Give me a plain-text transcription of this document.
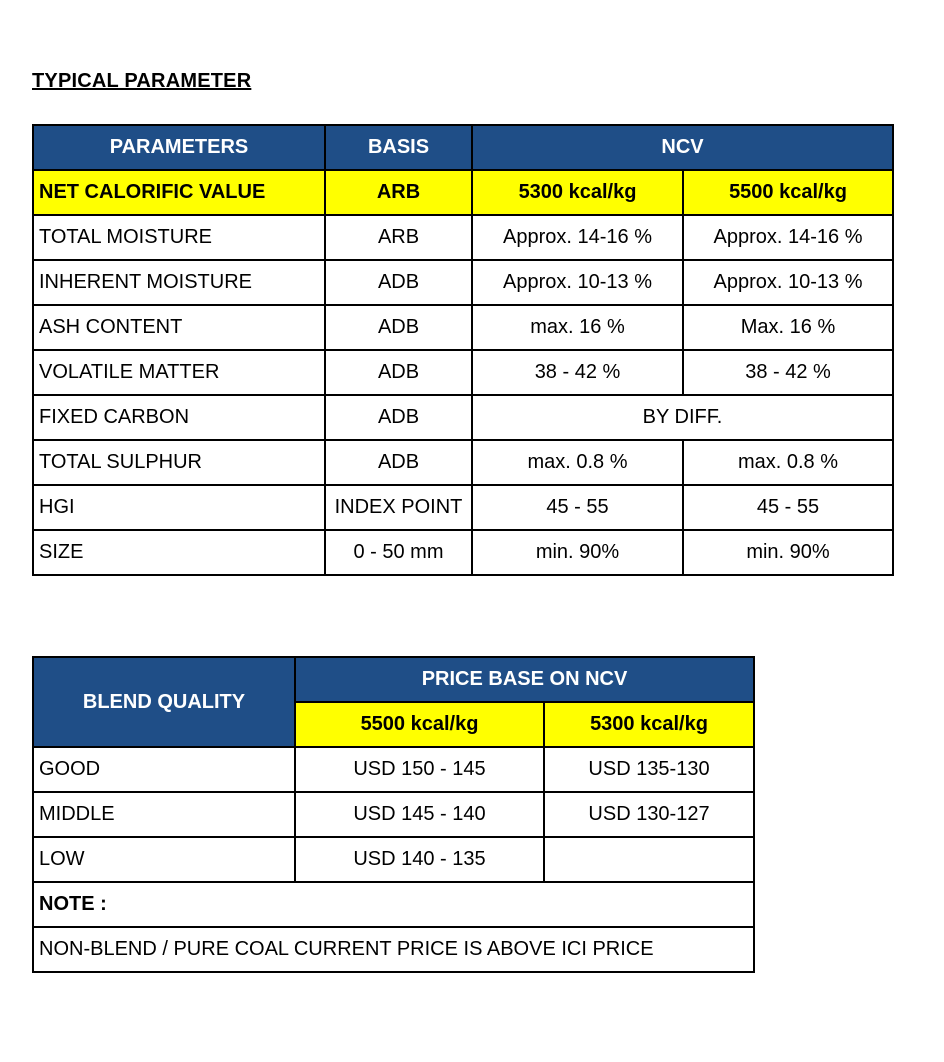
TYPICAL PARAMETER
PARAMETERS	BASIS	NCV	
NET CALORIFIC VALUE	ARB	5300 kcal/kg	5500 kcal/kg
TOTAL MOISTURE	ARB	Approx. 14-16 %	Approx. 14-16 %
INHERENT MOISTURE	ADB	Approx. 10-13 %	Approx. 10-13 %
ASH CONTENT	ADB	max. 16 %	Max. 16 %
VOLATILE MATTER	ADB	38 - 42 %	38 - 42 %
FIXED CARBON	ADB	BY DIFF.	
TOTAL SULPHUR	ADB	max. 0.8 %	max. 0.8 %
HGI	INDEX POINT	45 - 55	45 - 55
SIZE	0 - 50 mm	min. 90%	min. 90%
BLEND QUALITY	PRICE BASE ON NCV	
	5500 kcal/kg	5300 kcal/kg
GOOD	USD 150 - 145	USD 135-130
MIDDLE	USD 145 - 140	USD 130-127
LOW	USD 140 - 135	
NOTE :		
NON-BLEND / PURE COAL CURRENT PRICE IS ABOVE ICI PRICE		
